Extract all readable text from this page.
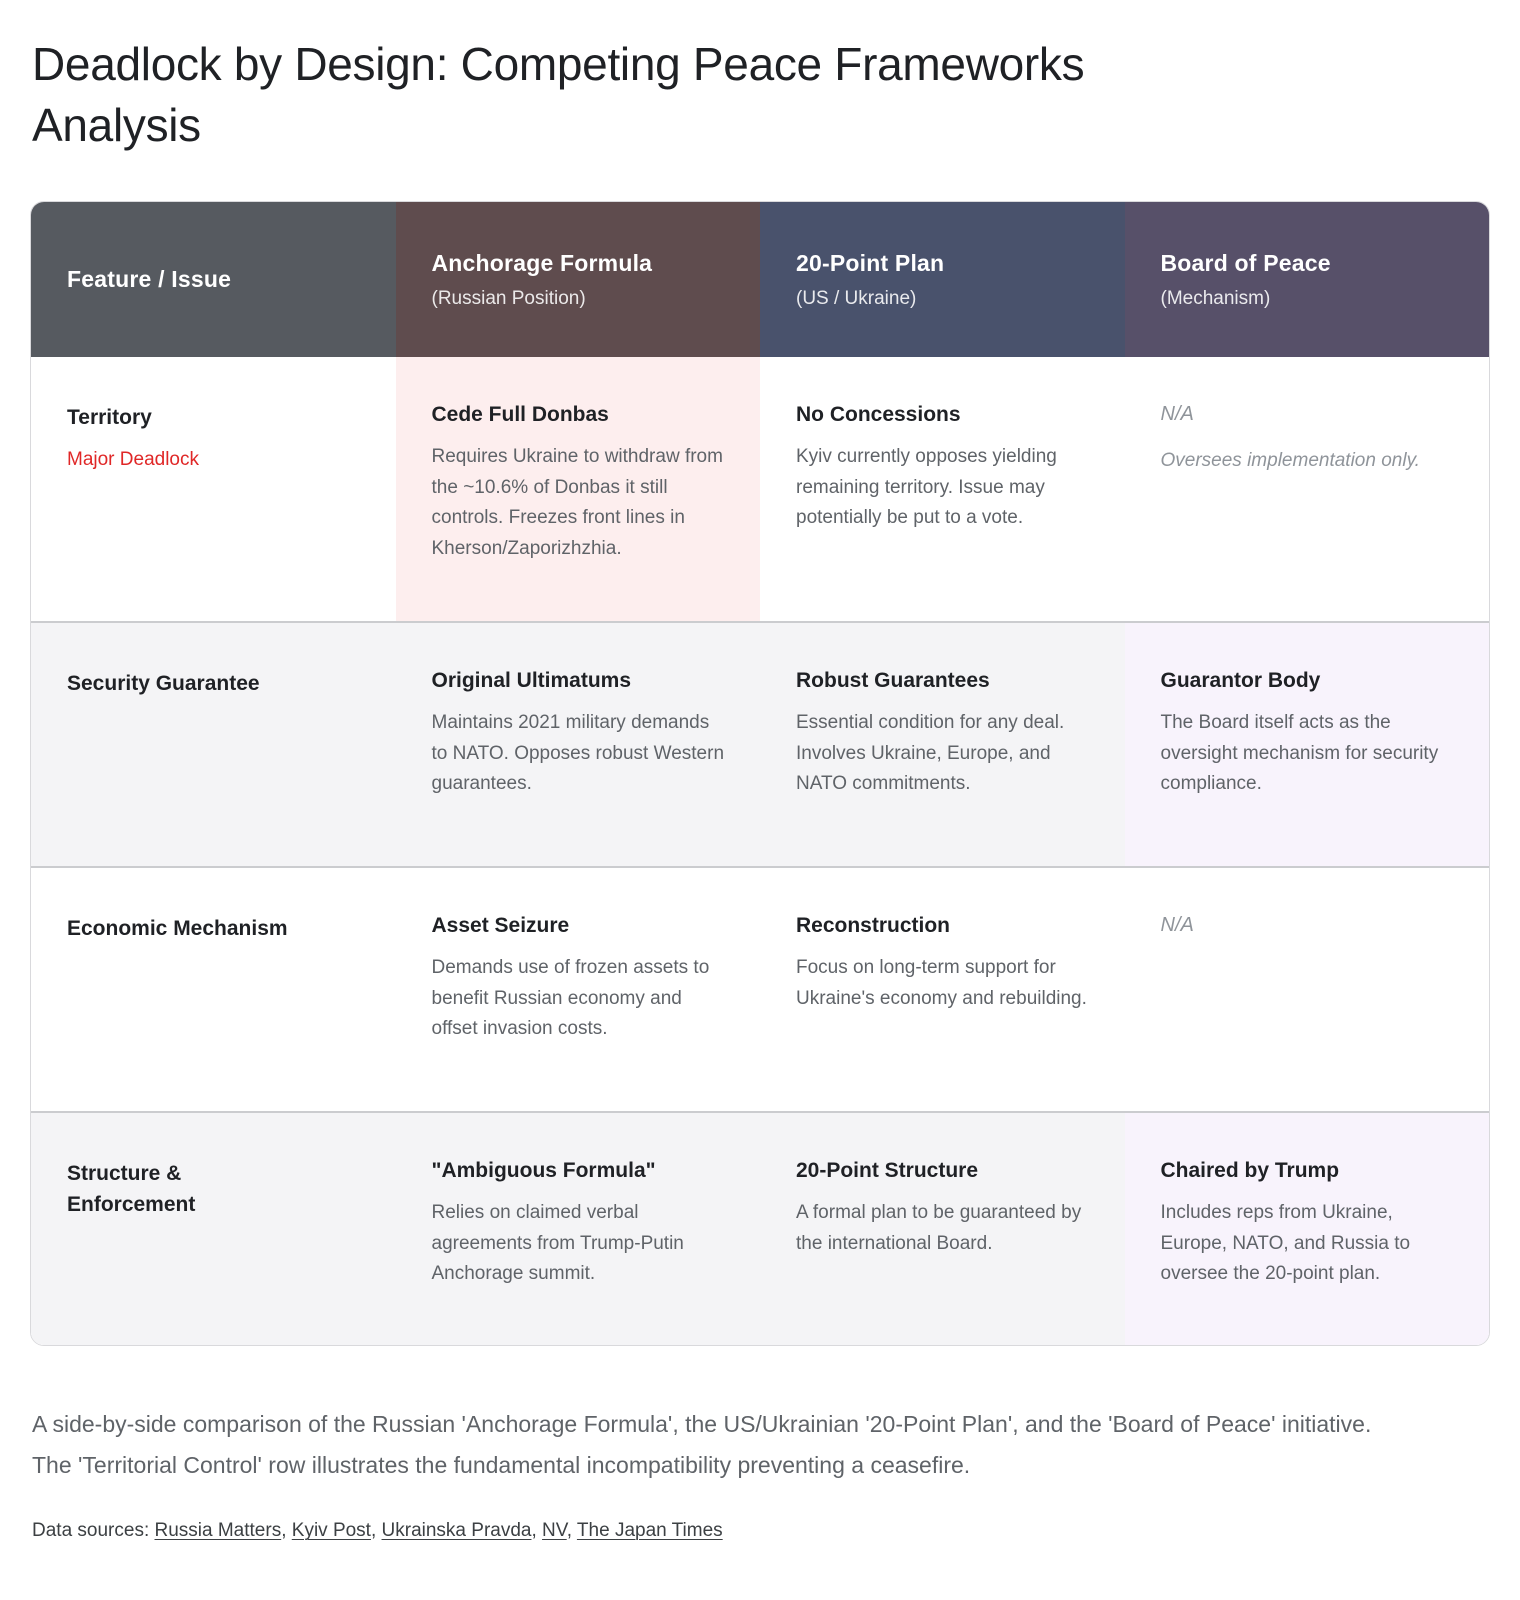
Deadlock by Design: Competing Peace Frameworks Analysis
Feature / Issue
Anchorage Formula
(Russian Position)
20-Point Plan
(US / Ukraine)
Board of Peace
(Mechanism)
Territory
Major Deadlock
Cede Full Donbas
Requires Ukraine to withdraw from the ~10.6% of Donbas it still controls. Freezes front lines in Kherson/Zaporizhzhia.
No Concessions
Kyiv currently opposes yielding remaining territory. Issue may potentially be put to a vote.
N/A
Oversees implementation only.
Security Guarantee	Original Ultimatums
Maintains 2021 military demands to NATO. Opposes robust Western guarantees.
Robust Guarantees
Essential condition for any deal. Involves Ukraine, Europe, and NATO commitments.
Guarantor Body
The Board itself acts as the oversight mechanism for security compliance.
Economic Mechanism	Asset Seizure
Demands use of frozen assets to benefit Russian economy and offset invasion costs.
Reconstruction
Focus on long-term support for Ukraine's economy and rebuilding.
N/A
Structure & Enforcement
"Ambiguous Formula"
Relies on claimed verbal agreements from Trump-Putin Anchorage summit.
20-Point Structure
A formal plan to be guaranteed by the international Board.
Chaired by Trump
Includes reps from Ukraine, Europe, NATO, and Russia to oversee the 20-point plan.

A side-by-side comparison of the Russian 'Anchorage Formula', the US/Ukrainian '20-Point Plan', and the 'Board of Peace' initiative. The 'Territorial Control' row illustrates the fundamental incompatibility preventing a ceasefire.

Data sources: Russia Matters, Kyiv Post, Ukrainska Pravda, NV, The Japan Times
